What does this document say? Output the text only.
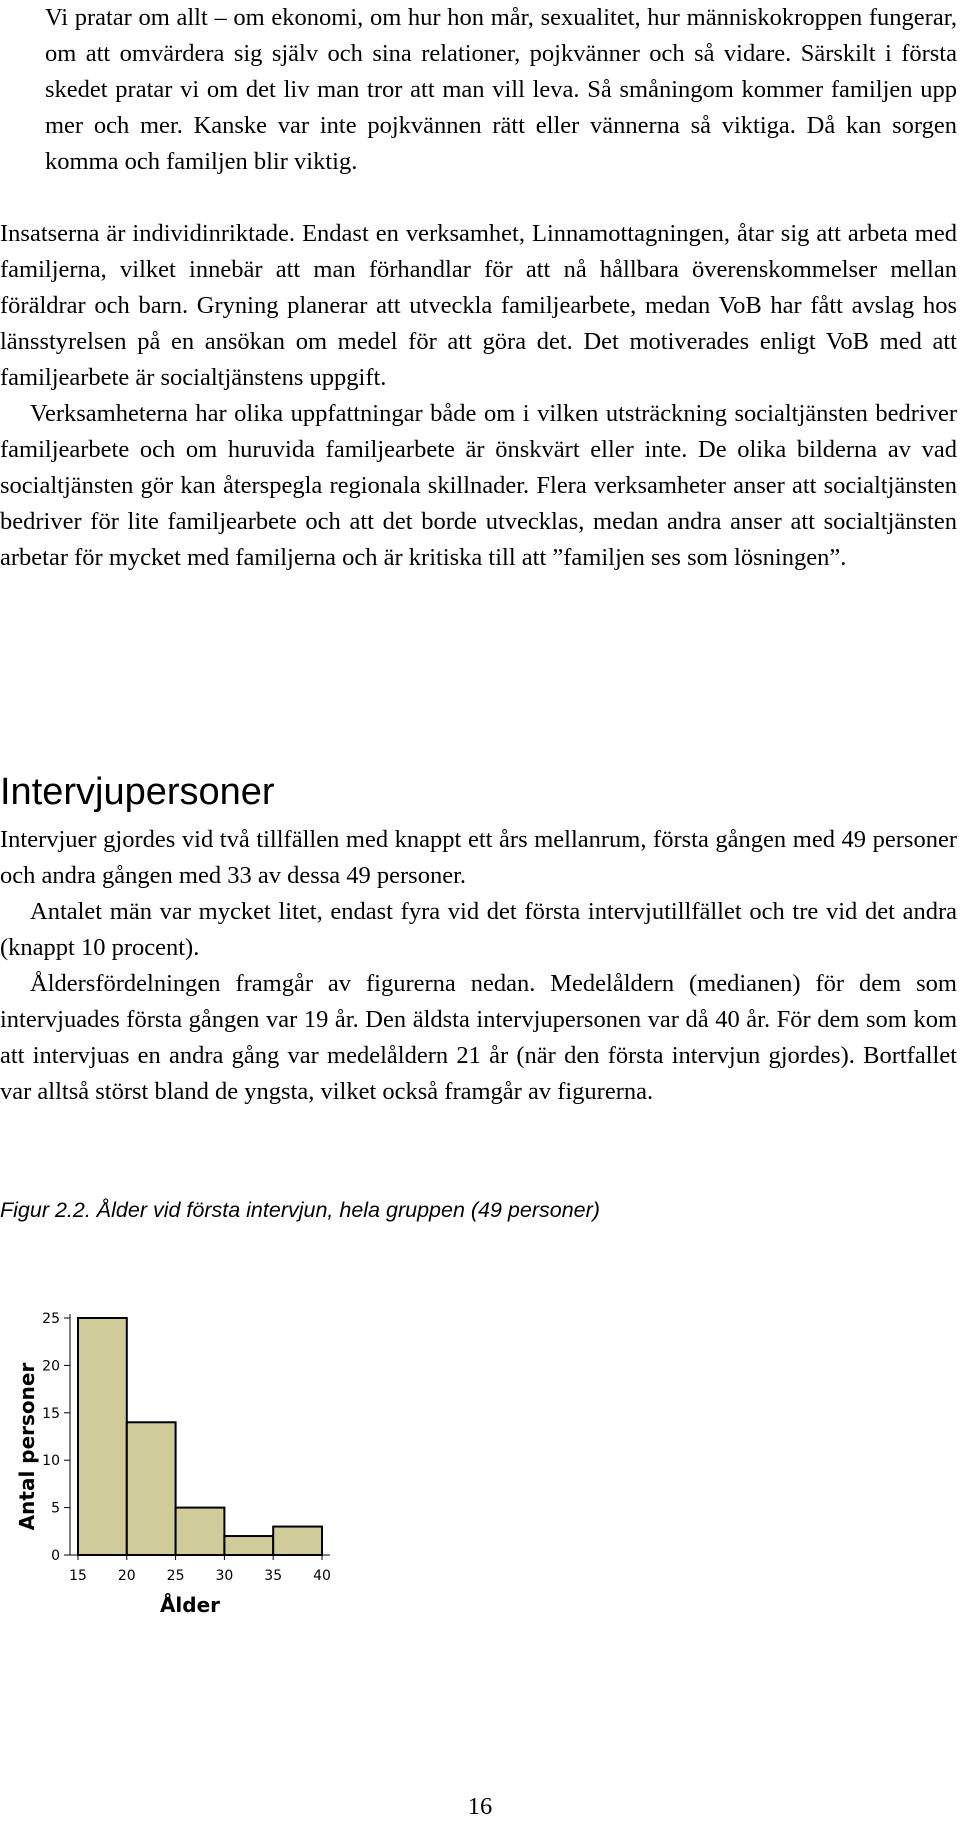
Vi pratar om allt – om ekonomi, om hur hon mår, sexualitet, hur människokroppen fungerar, om att omvärdera sig själv och sina relationer, pojkvänner och så vidare. Särskilt i första skedet pratar vi om det liv man tror att man vill leva. Så småningom kommer familjen upp mer och mer. Kanske var inte pojkvännen rätt eller vännerna så viktiga. Då kan sorgen komma och familjen blir viktig.

Insatserna är individinriktade. Endast en verksamhet, Linnamottagningen, åtar sig att arbeta med familjerna, vilket innebär att man förhandlar för att nå hållbara överenskommelser mellan föräldrar och barn. Gryning planerar att utveckla familjearbete, medan VoB har fått avslag hos länsstyrelsen på en ansökan om medel för att göra det. Det motiverades enligt VoB med att familjearbete är socialtjänstens uppgift.

Verksamheterna har olika uppfattningar både om i vilken utsträckning socialtjänsten bedriver familjearbete och om huruvida familjearbete är önskvärt eller inte. De olika bilderna av vad socialtjänsten gör kan återspegla regionala skillnader. Flera verksamheter anser att socialtjänsten bedriver för lite familjearbete och att det borde utvecklas, medan andra anser att socialtjänsten arbetar för mycket med familjerna och är kritiska till att ”familjen ses som lösningen”.

Intervjupersoner

Intervjuer gjordes vid två tillfällen med knappt ett års mellanrum, första gången med 49 personer och andra gången med 33 av dessa 49 personer.

Antalet män var mycket litet, endast fyra vid det första intervjutillfället och tre vid det andra (knappt 10 procent).

Åldersfördelningen framgår av figurerna nedan. Medelåldern (medianen) för dem som intervjuades första gången var 19 år. Den äldsta intervjupersonen var då 40 år. För dem som kom att intervjuas en andra gång var medelåldern 21 år (när den första intervjun gjordes). Bortfallet var alltså störst bland de yngsta, vilket också framgår av figurerna.

Figur 2.2. Ålder vid första intervjun, hela gruppen (49 personer)

0
5
10
15
20
25
15 20 25 30 35 40
Ålder
Antal personer

16
